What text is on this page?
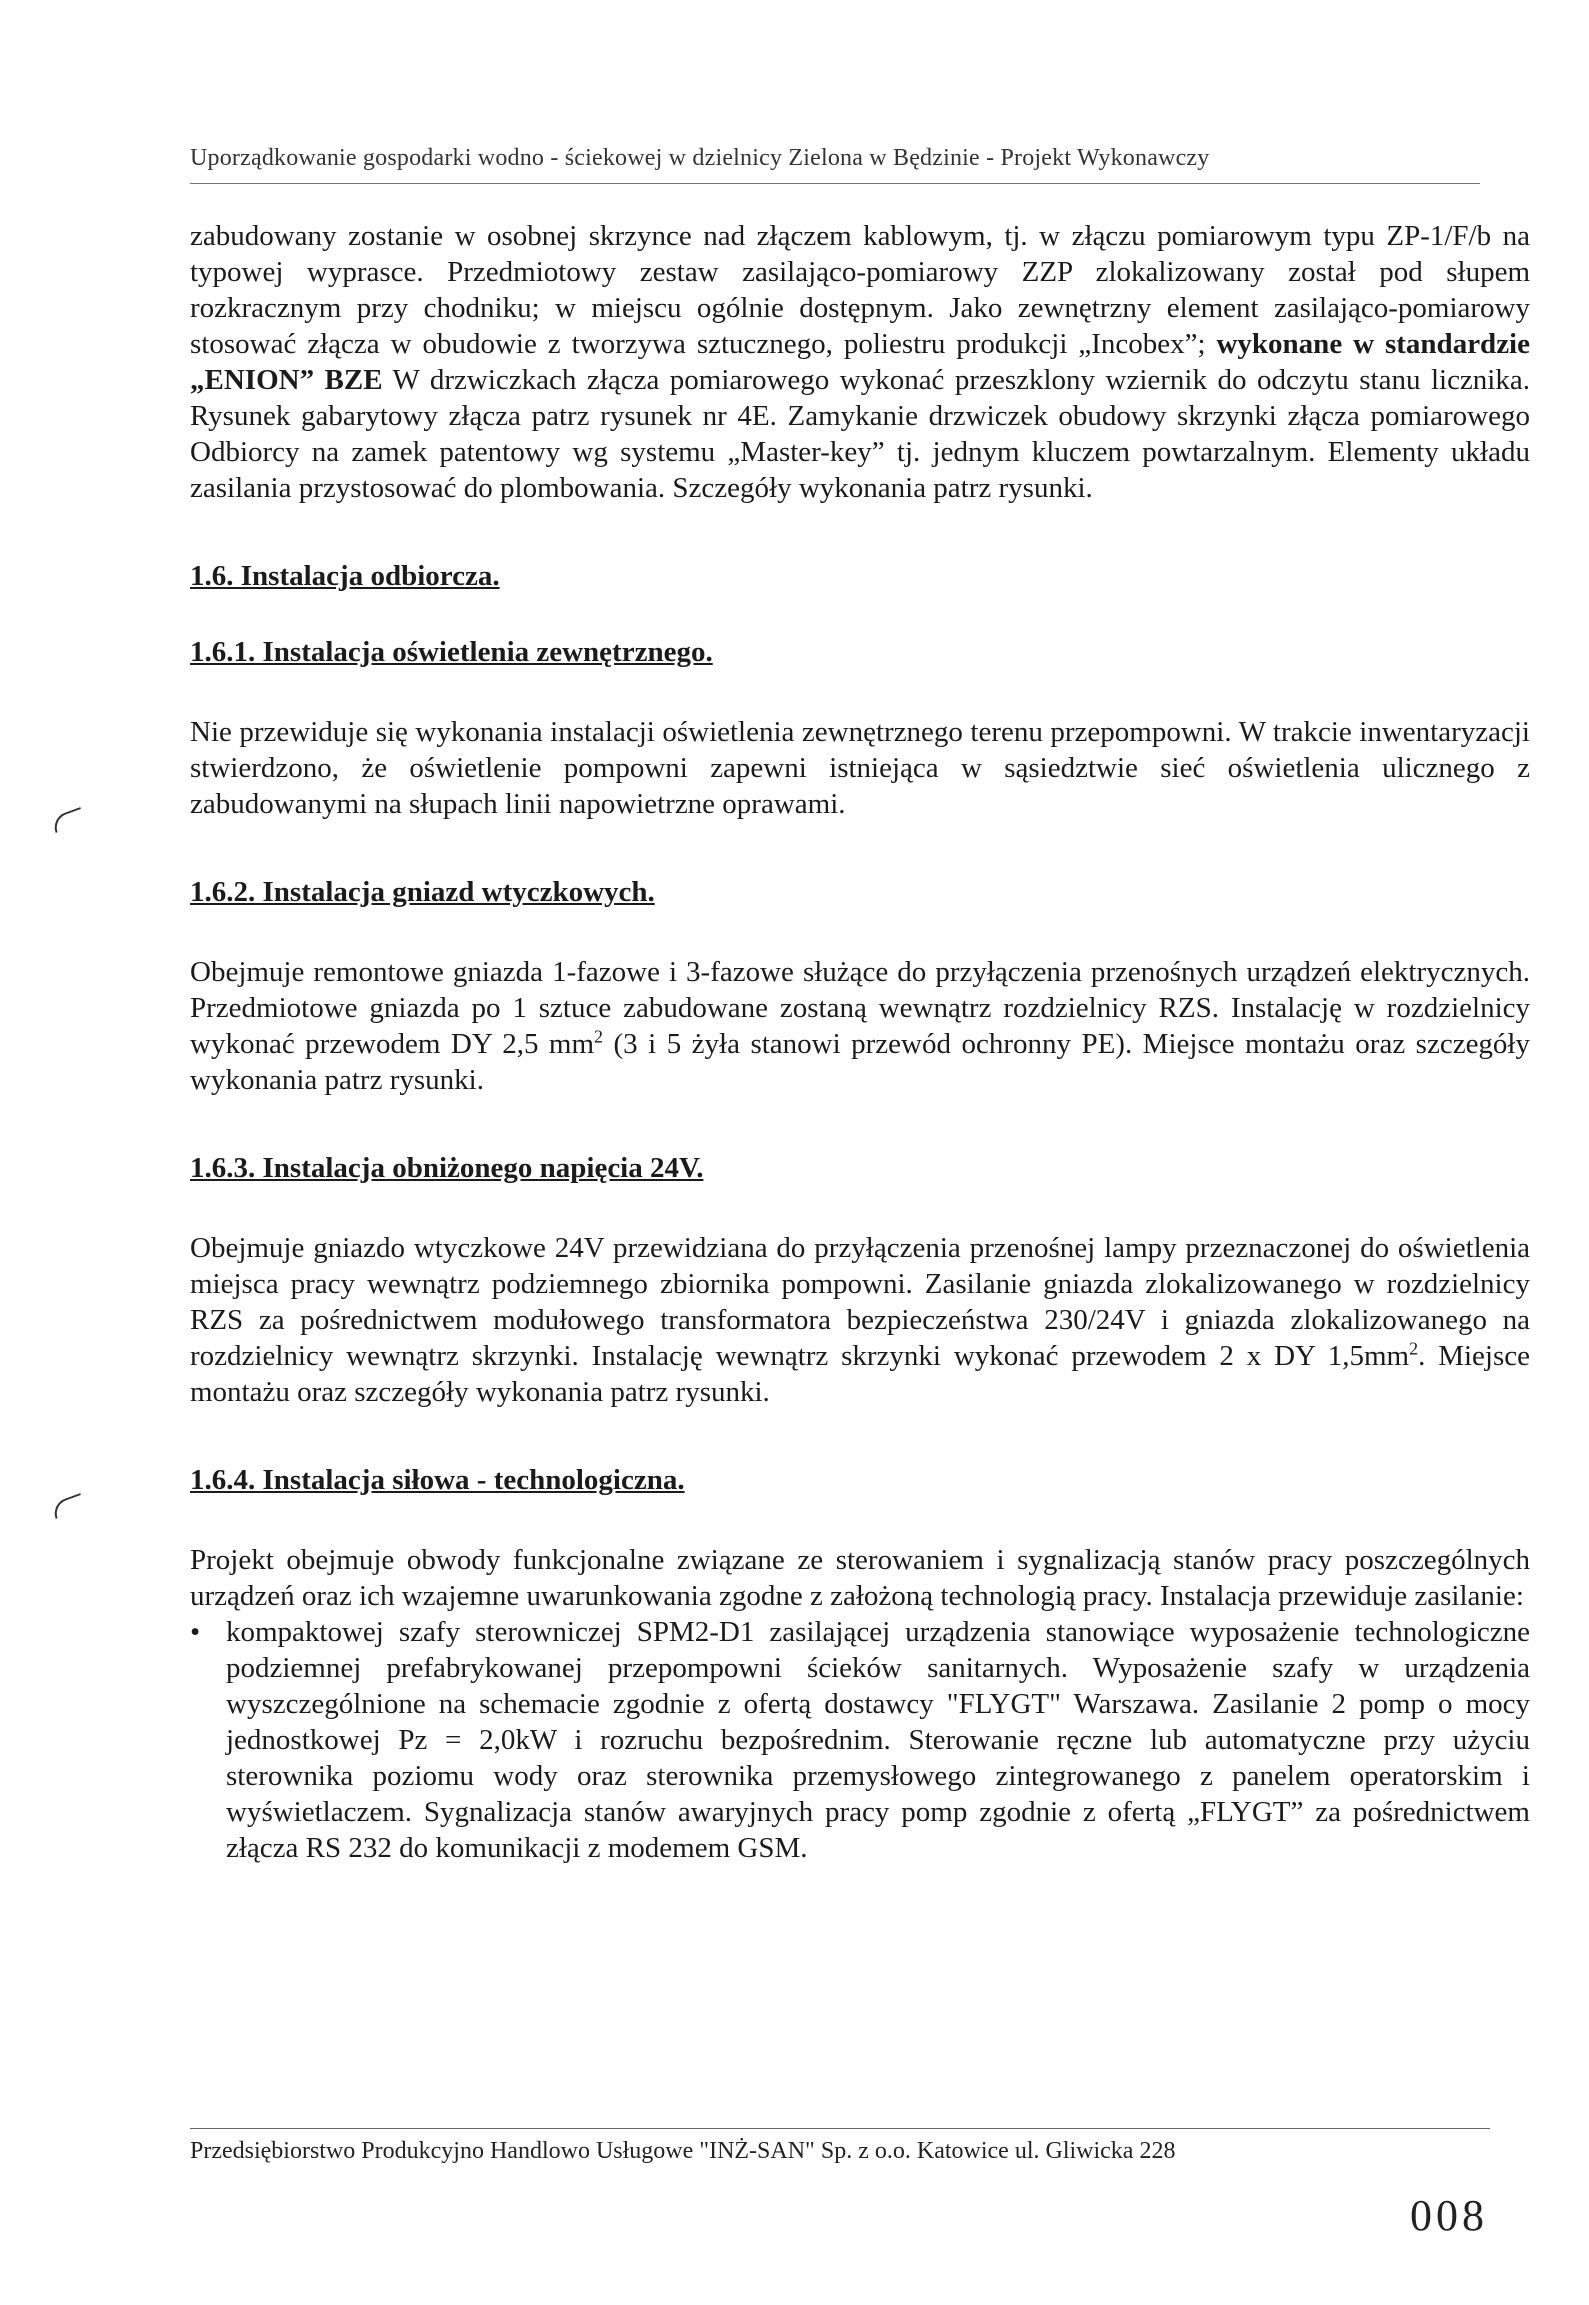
Uporządkowanie gospodarki wodno - ściekowej w dzielnicy Zielona w Będzinie - Projekt Wykonawczy

zabudowany zostanie w osobnej skrzynce nad złączem kablowym, tj. w złączu pomiarowym typu ZP-1/F/b na typowej wyprasce. Przedmiotowy zestaw zasilająco-pomiarowy ZZP zlokalizowany został pod słupem rozkracznym przy chodniku; w miejscu ogólnie dostępnym. Jako zewnętrzny element zasilająco-pomiarowy stosować złącza w obudowie z tworzywa sztucznego, poliestru produkcji „Incobex”; wykonane w standardzie „ENION” BZE W drzwiczkach złącza pomiarowego wykonać przeszklony wziernik do odczytu stanu licznika. Rysunek gabarytowy złącza patrz rysunek nr 4E. Zamykanie drzwiczek obudowy skrzynki złącza pomiarowego Odbiorcy na zamek patentowy wg systemu „Master-key” tj. jednym kluczem powtarzalnym. Elementy układu zasilania przystosować do plombowania. Szczegóły wykonania patrz rysunki.

1.6. Instalacja odbiorcza.
1.6.1. Instalacja oświetlenia zewnętrznego.

Nie przewiduje się wykonania instalacji oświetlenia zewnętrznego terenu przepompowni. W trakcie inwentaryzacji stwierdzono, że oświetlenie pompowni zapewni istniejąca w sąsiedztwie sieć oświetlenia ulicznego z zabudowanymi na słupach linii napowietrzne oprawami.

1.6.2. Instalacja gniazd wtyczkowych.

Obejmuje remontowe gniazda 1-fazowe i 3-fazowe służące do przyłączenia przenośnych urządzeń elektrycznych. Przedmiotowe gniazda po 1 sztuce zabudowane zostaną wewnątrz rozdzielnicy RZS. Instalację w rozdzielnicy wykonać przewodem DY 2,5 $mm^2$ (3 i 5 żyła stanowi przewód ochronny PE). Miejsce montażu oraz szczegóły wykonania patrz rysunki.

1.6.3. Instalacja obniżonego napięcia 24V.

Obejmuje gniazdo wtyczkowe 24V przewidziana do przyłączenia przenośnej lampy przeznaczonej do oświetlenia miejsca pracy wewnątrz podziemnego zbiornika pompowni. Zasilanie gniazda zlokalizowanego w rozdzielnicy RZS za pośrednictwem modułowego transformatora bezpieczeństwa 230/24V i gniazda zlokalizowanego na rozdzielnicy wewnątrz skrzynki. Instalację wewnątrz skrzynki wykonać przewodem 2 x DY $1,5mm^2$. Miejsce montażu oraz szczegóły wykonania patrz rysunki.

1.6.4. Instalacja siłowa - technologiczna.

Projekt obejmuje obwody funkcjonalne związane ze sterowaniem i sygnalizacją stanów pracy poszczególnych urządzeń oraz ich wzajemne uwarunkowania zgodne z założoną technologią pracy. Instalacja przewiduje zasilanie:

• kompaktowej szafy sterowniczej SPM2-D1 zasilającej urządzenia stanowiące wyposażenie technologiczne podziemnej prefabrykowanej przepompowni ścieków sanitarnych. Wyposażenie szafy w urządzenia wyszczególnione na schemacie zgodnie z ofertą dostawcy "FLYGT" Warszawa. Zasilanie 2 pomp o mocy jednostkowej Pz = 2,0kW i rozruchu bezpośrednim. Sterowanie ręczne lub automatyczne przy użyciu sterownika poziomu wody oraz sterownika przemysłowego zintegrowanego z panelem operatorskim i wyświetlaczem. Sygnalizacja stanów awaryjnych pracy pomp zgodnie z ofertą „FLYGT” za pośrednictwem złącza RS 232 do komunikacji z modemem GSM.
Przedsiębiorstwo Produkcyjno Handlowo Usługowe "INŻ-SAN" Sp. z o.o. Katowice ul. Gliwicka 228
008
